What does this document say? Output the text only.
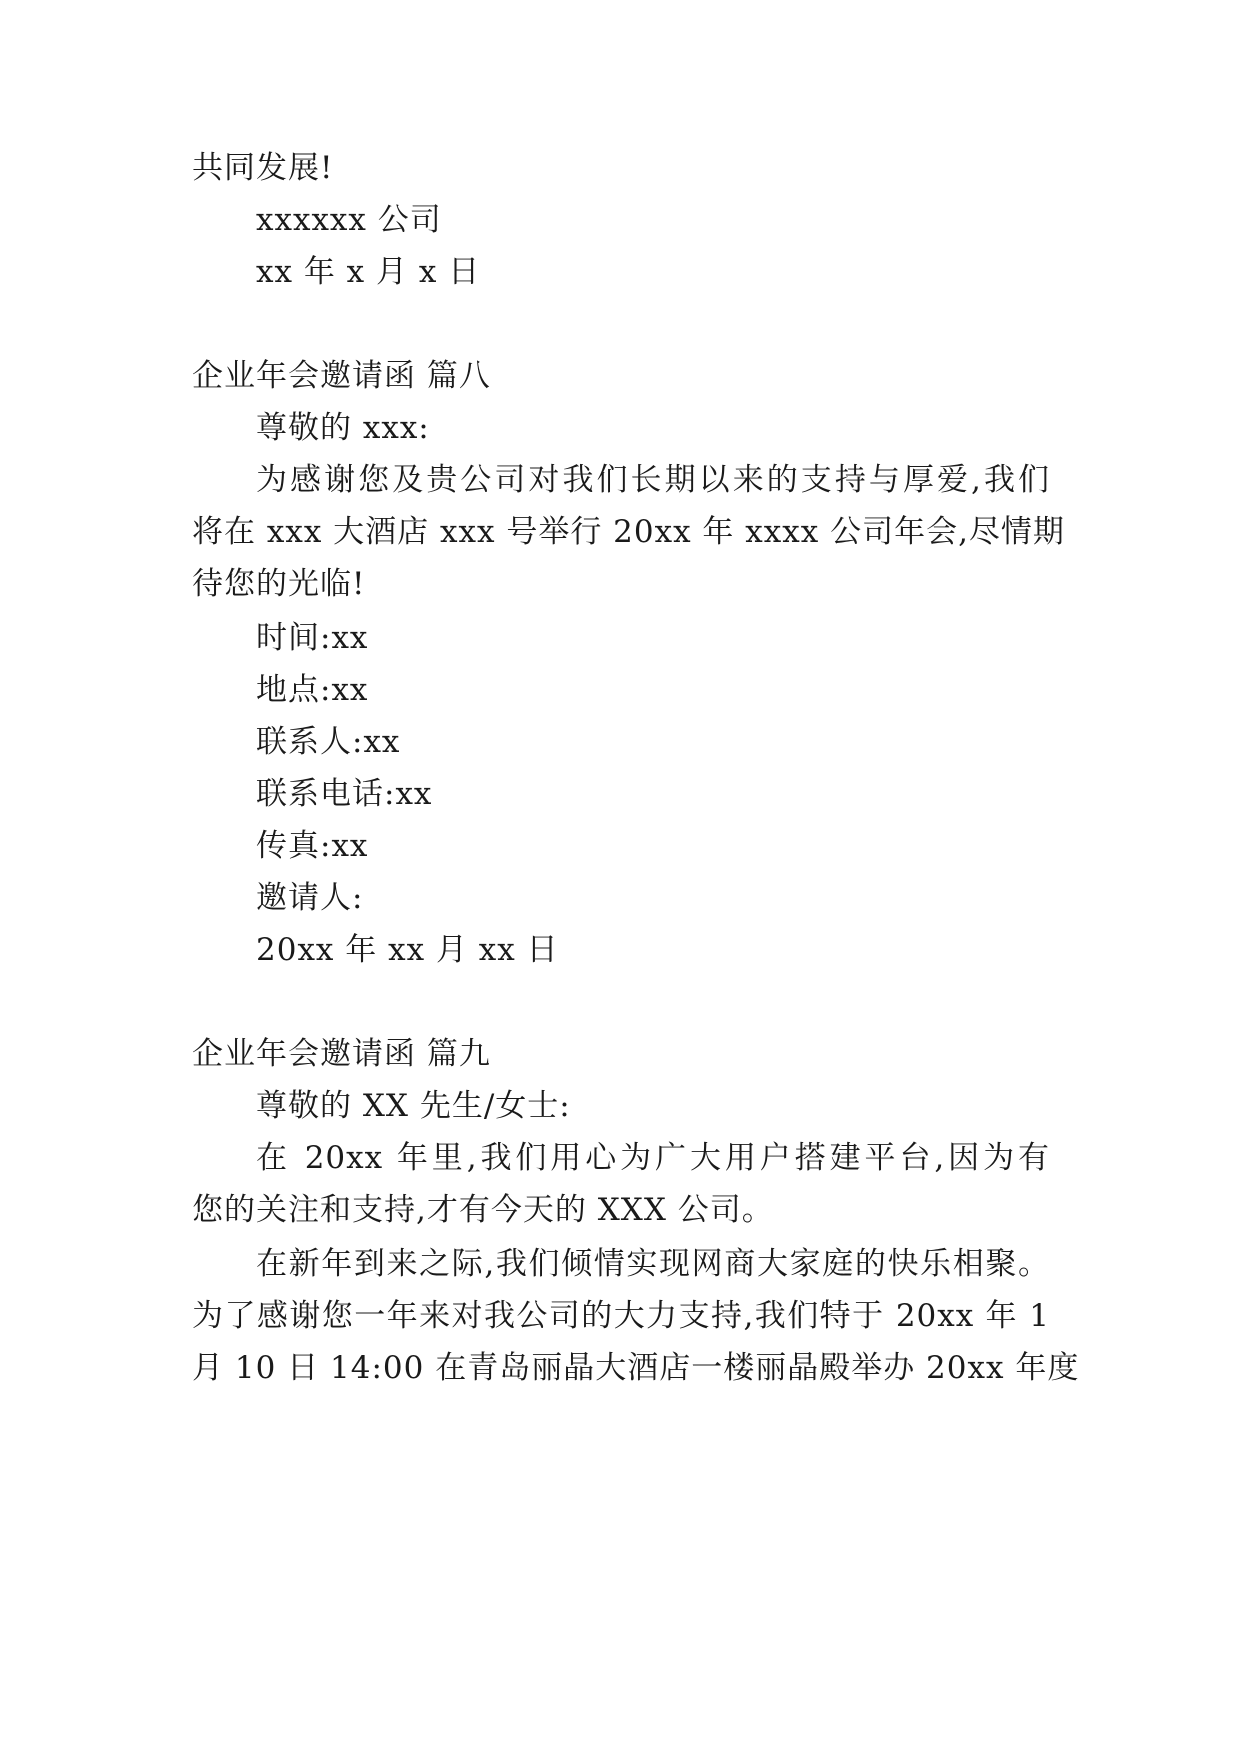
共同发展!
xxxxxx 公司
xx 年 x 月 x 日
企业年会邀请函 篇八
尊敬的 xxx:
为感谢您及贵公司对我们长期以来的支持与厚爱,我们
将在 xxx 大酒店 xxx 号举行 20xx 年 xxxx 公司年会,尽情期
待您的光临!
时间:xx
地点:xx
联系人:xx
联系电话:xx
传真:xx
邀请人:
20xx 年 xx 月 xx 日
企业年会邀请函 篇九
尊敬的 XX 先生/女士:
在 20xx 年里,我们用心为广大用户搭建平台,因为有
您的关注和支持,才有今天的 XXX 公司。
在新年到来之际,我们倾情实现网商大家庭的快乐相聚。
为了感谢您一年来对我公司的大力支持,我们特于 20xx 年 1
月 10 日 14:00 在青岛丽晶大酒店一楼丽晶殿举办 20xx 年度
